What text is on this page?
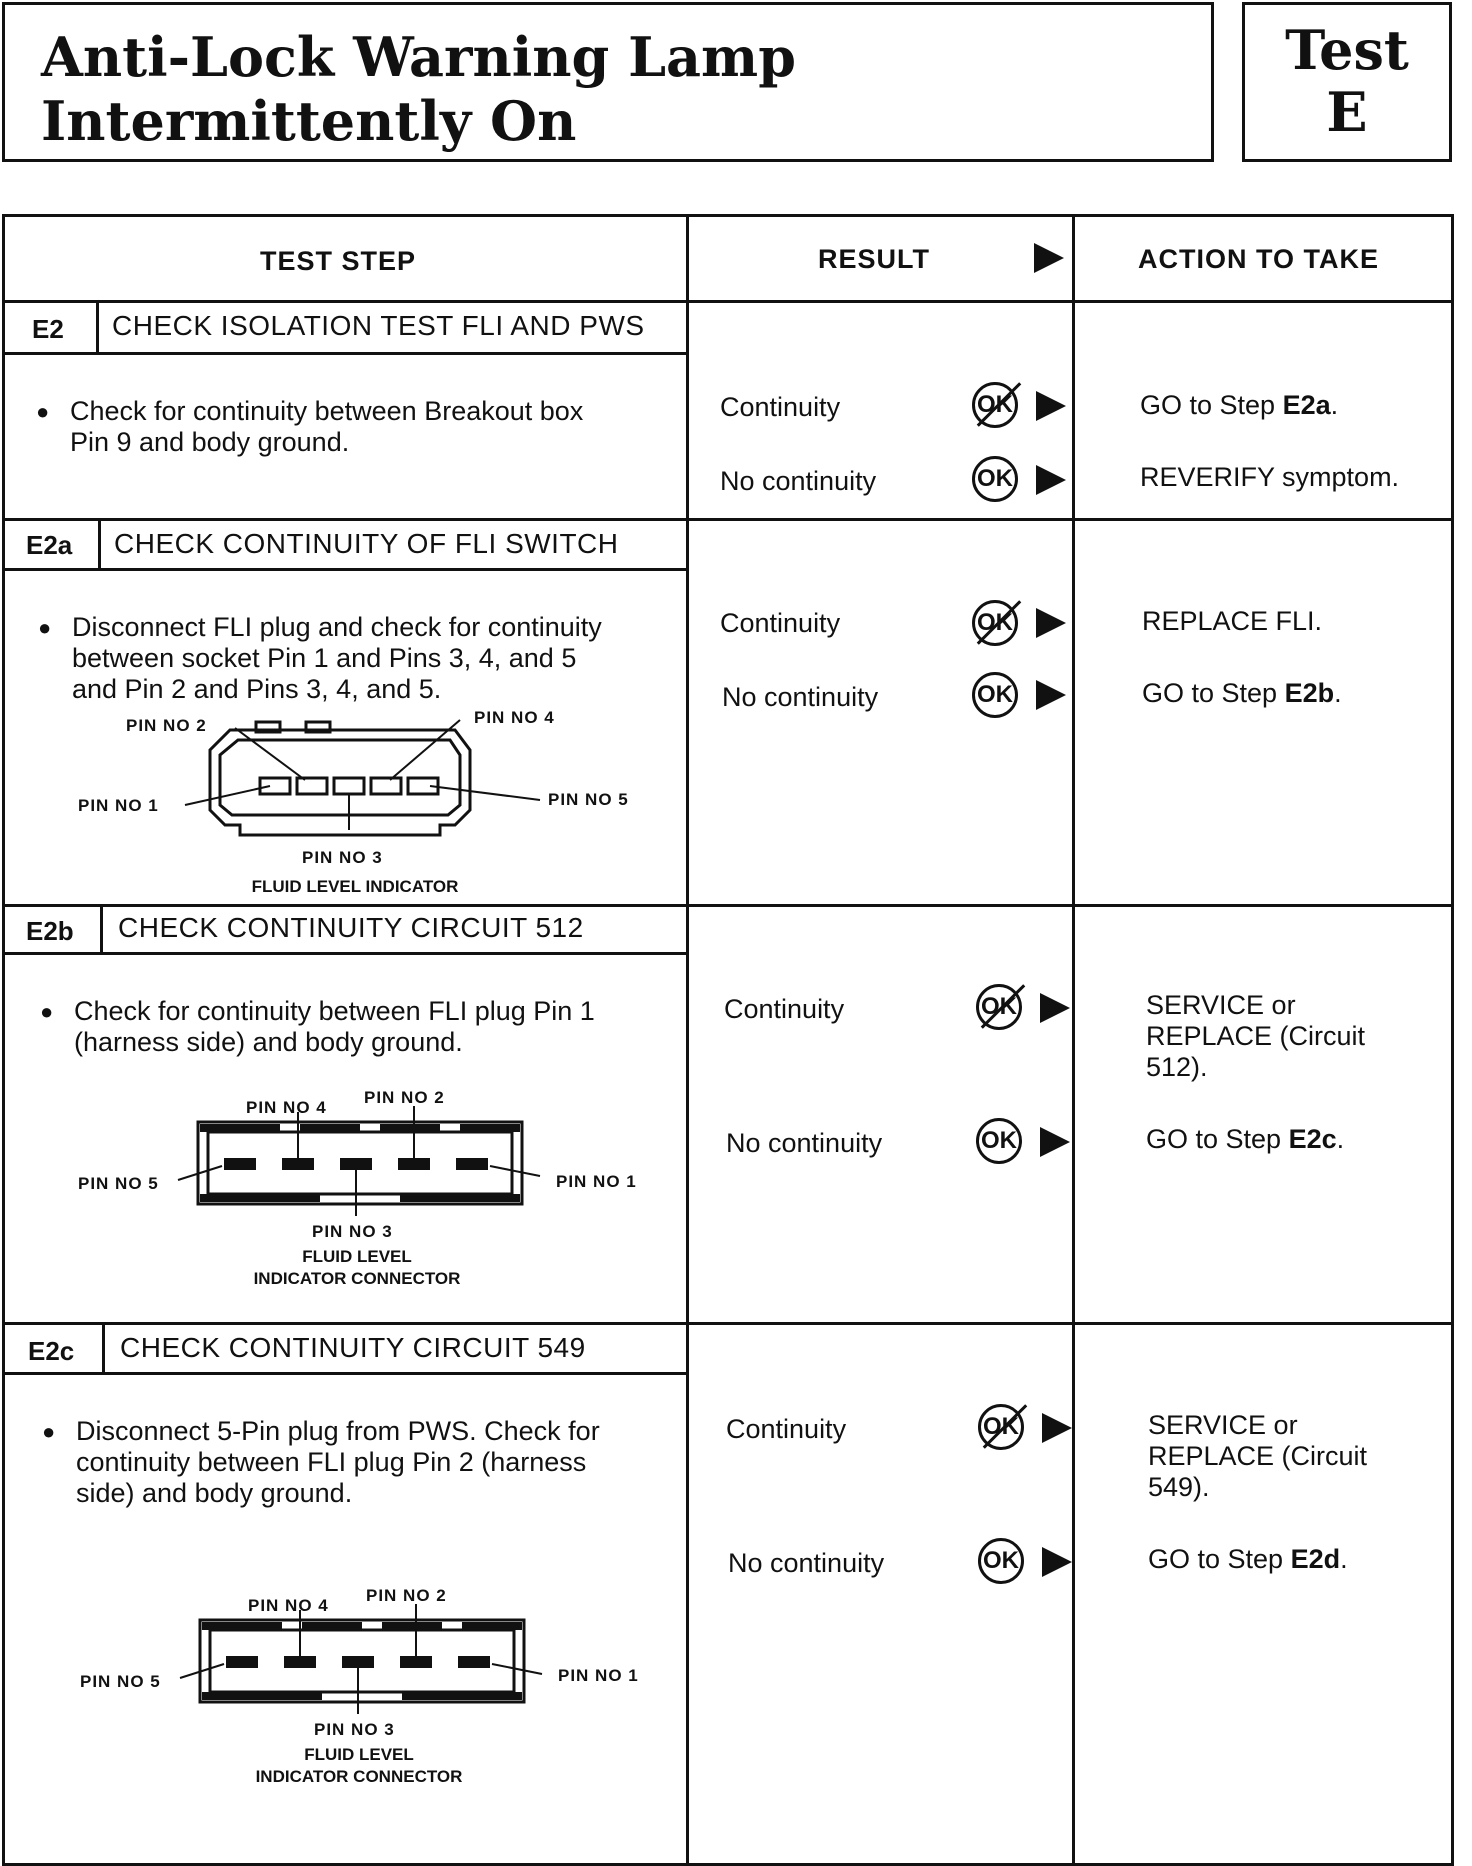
Anti-Lock Warning Lamp
Intermittently On
Test
E
TEST STEP	RESULT	ACTION TO TAKE
E2 CHECK ISOLATION TEST FLI AND PWS
● Check for continuity between Breakout box
Pin 9 and body ground.
Continuity	OK	GO to Step E2a.
No continuity	OK	REVERIFY symptom.
E2a CHECK CONTINUITY OF FLI SWITCH
● Disconnect FLI plug and check for continuity
between socket Pin 1 and Pins 3, 4, and 5
and Pin 2 and Pins 3, 4, and 5.
PIN NO 2	PIN NO 4
PIN NO 1	PIN NO 5
PIN NO 3
FLUID LEVEL INDICATOR
Continuity	OK	REPLACE FLI.
No continuity	OK	GO to Step E2b.
E2b CHECK CONTINUITY CIRCUIT 512
● Check for continuity between FLI plug Pin 1
(harness side) and body ground.
PIN NO 4
PIN NO 2
PIN NO 5	PIN NO 1
PIN NO 3
FLUID LEVEL
INDICATOR CONNECTOR
Continuity	OK	SERVICE or
REPLACE (Circuit
512).
No continuity	OK	GO to Step E2c.
E2c CHECK CONTINUITY CIRCUIT 549
● Disconnect 5-Pin plug from PWS. Check for
continuity between FLI plug Pin 2 (harness
side) and body ground.
PIN NO 4
PIN NO 2
PIN NO 5	PIN NO 1
PIN NO 3
FLUID LEVEL
INDICATOR CONNECTOR
Continuity	OK	SERVICE or
REPLACE (Circuit
549).
No continuity	OK	GO to Step E2d.
